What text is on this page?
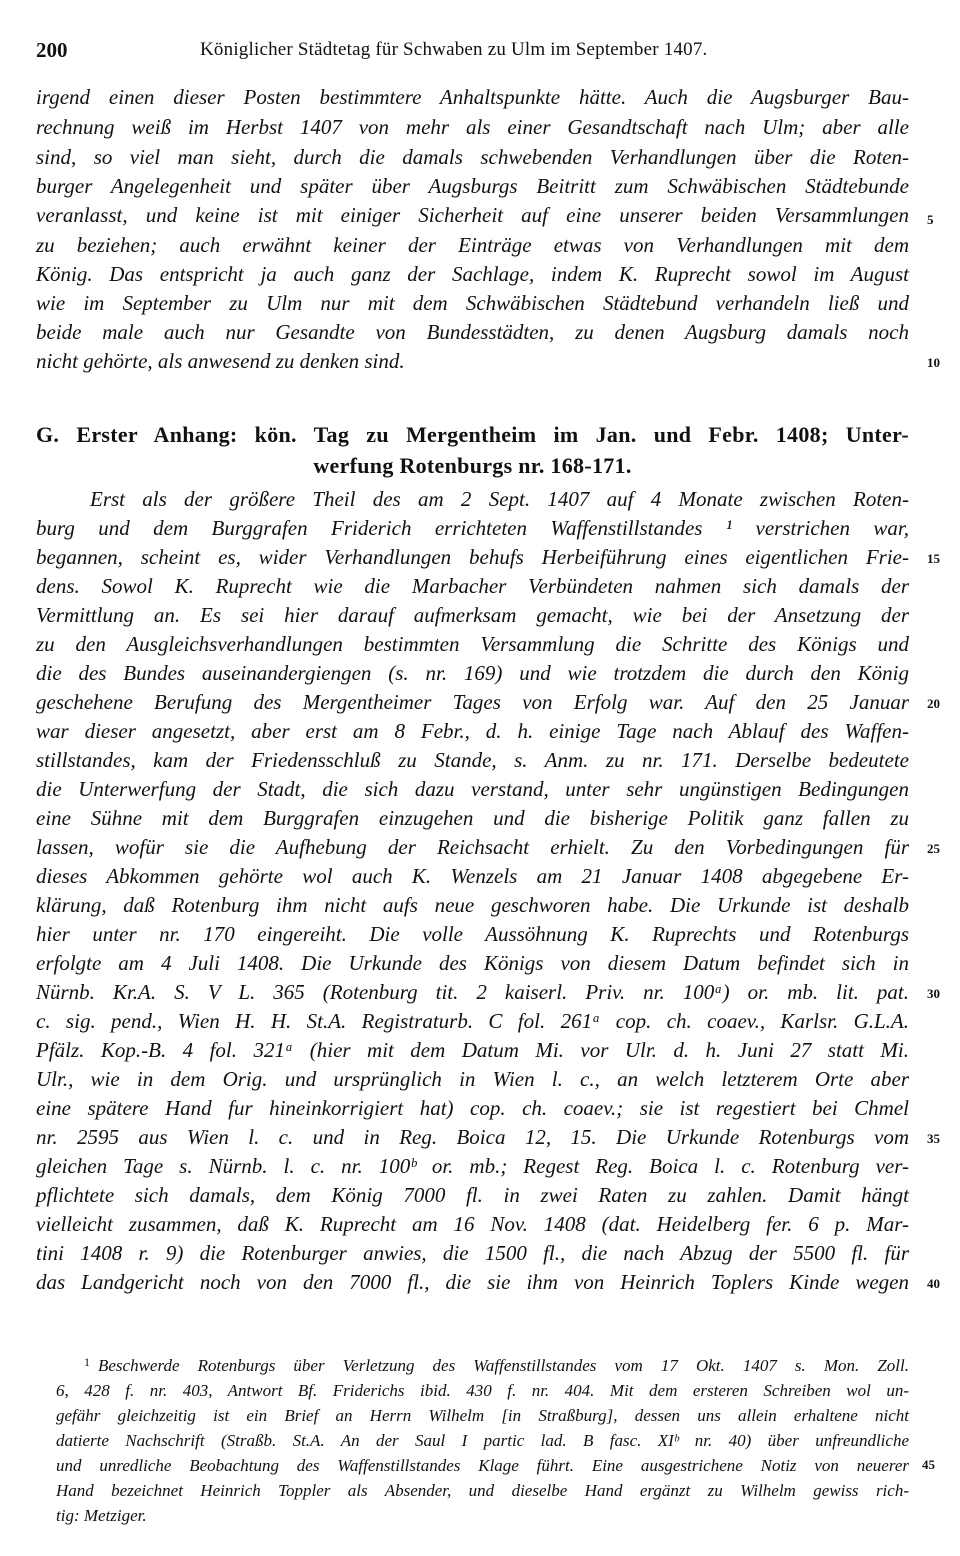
200	Königlicher Städtetag für Schwaben zu Ulm im September 1407.
irgend einen dieser Posten bestimmtere Anhaltspunkte hätte. Auch die Augsburger Bau-
rechnung weiß im Herbst 1407 von mehr als einer Gesandtschaft nach Ulm; aber alle
sind, so viel man sieht, durch die damals schwebenden Verhandlungen über die Roten-
burger Angelegenheit und später über Augsburgs Beitritt zum Schwäbischen Städtebunde
veranlasst, und keine ist mit einiger Sicherheit auf eine unserer beiden Versammlungen
zu beziehen; auch erwähnt keiner der Einträge etwas von Verhandlungen mit dem
König. Das entspricht ja auch ganz der Sachlage, indem K. Ruprecht sowol im August
wie im September zu Ulm nur mit dem Schwäbischen Städtebund verhandeln ließ und
beide male auch nur Gesandte von Bundesstädten, zu denen Augsburg damals noch
nicht gehörte, als anwesend zu denken sind.
5
10
G. Erster Anhang: kön. Tag zu Mergentheim im Jan. und Febr. 1408; Unter-
werfung Rotenburgs nr. 168-171.
Erst als der größere Theil des am 2 Sept. 1407 auf 4 Monate zwischen Roten-
burg und dem Burggrafen Friderich errichteten Waffenstillstandes ¹ verstrichen war,
begannen, scheint es, wider Verhandlungen behufs Herbeiführung eines eigentlichen Frie-
dens. Sowol K. Ruprecht wie die Marbacher Verbündeten nahmen sich damals der
Vermittlung an. Es sei hier darauf aufmerksam gemacht, wie bei der Ansetzung der
zu den Ausgleichsverhandlungen bestimmten Versammlung die Schritte des Königs und
die des Bundes auseinandergiengen (s. nr. 169) und wie trotzdem die durch den König
geschehene Berufung des Mergentheimer Tages von Erfolg war. Auf den 25 Januar
war dieser angesetzt, aber erst am 8 Febr., d. h. einige Tage nach Ablauf des Waffen-
stillstandes, kam der Friedensschluß zu Stande, s. Anm. zu nr. 171. Derselbe bedeutete
die Unterwerfung der Stadt, die sich dazu verstand, unter sehr ungünstigen Bedingungen
eine Sühne mit dem Burggrafen einzugehen und die bisherige Politik ganz fallen zu
lassen, wofür sie die Aufhebung der Reichsacht erhielt. Zu den Vorbedingungen für
dieses Abkommen gehörte wol auch K. Wenzels am 21 Januar 1408 abgegebene Er-
klärung, daß Rotenburg ihm nicht aufs neue geschworen habe. Die Urkunde ist deshalb
hier unter nr. 170 eingereiht. Die volle Aussöhnung K. Ruprechts und Rotenburgs
erfolgte am 4 Juli 1408. Die Urkunde des Königs von diesem Datum befindet sich in
Nürnb. Kr.A. S. V L. 365 (Rotenburg tit. 2 kaiserl. Priv. nr. 100ᵃ) or. mb. lit. pat.
c. sig. pend., Wien H. H. St.A. Registraturb. C fol. 261ᵃ cop. ch. coaev., Karlsr. G.L.A.
Pfälz. Kop.-B. 4 fol. 321ᵃ (hier mit dem Datum Mi. vor Ulr. d. h. Juni 27 statt Mi.
Ulr., wie in dem Orig. und ursprünglich in Wien l. c., an welch letzterem Orte aber
eine spätere Hand fur hineinkorrigiert hat) cop. ch. coaev.; sie ist regestiert bei Chmel
nr. 2595 aus Wien l. c. und in Reg. Boica 12, 15. Die Urkunde Rotenburgs vom
gleichen Tage s. Nürnb. l. c. nr. 100ᵇ or. mb.; Regest Reg. Boica l. c. Rotenburg ver-
pflichtete sich damals, dem König 7000 fl. in zwei Raten zu zahlen. Damit hängt
vielleicht zusammen, daß K. Ruprecht am 16 Nov. 1408 (dat. Heidelberg fer. 6 p. Mar-
tini 1408 r. 9) die Rotenburger anwies, die 1500 fl., die nach Abzug der 5500 fl. für
das Landgericht noch von den 7000 fl., die sie ihm von Heinrich Toplers Kinde wegen
15
20
25
30
35
40
$^1$ Beschwerde Rotenburgs über Verletzung des Waffenstillstandes vom 17 Okt. 1407 s. Mon. Zoll.
6, 428 f. nr. 403, Antwort Bf. Friderichs ibid. 430 f. nr. 404. Mit dem ersteren Schreiben wol un-
gefähr gleichzeitig ist ein Brief an Herrn Wilhelm [in Straßburg], dessen uns allein erhaltene nicht
datierte Nachschrift (Straßb. St.A. An der Saul I partic lad. B fasc. XIᵇ nr. 40) über unfreundliche
und unredliche Beobachtung des Waffenstillstandes Klage führt. Eine ausgestrichene Notiz von neuerer
Hand bezeichnet Heinrich Toppler als Absender, und dieselbe Hand ergänzt zu Wilhelm gewiss rich-
tig: Metziger.
45
